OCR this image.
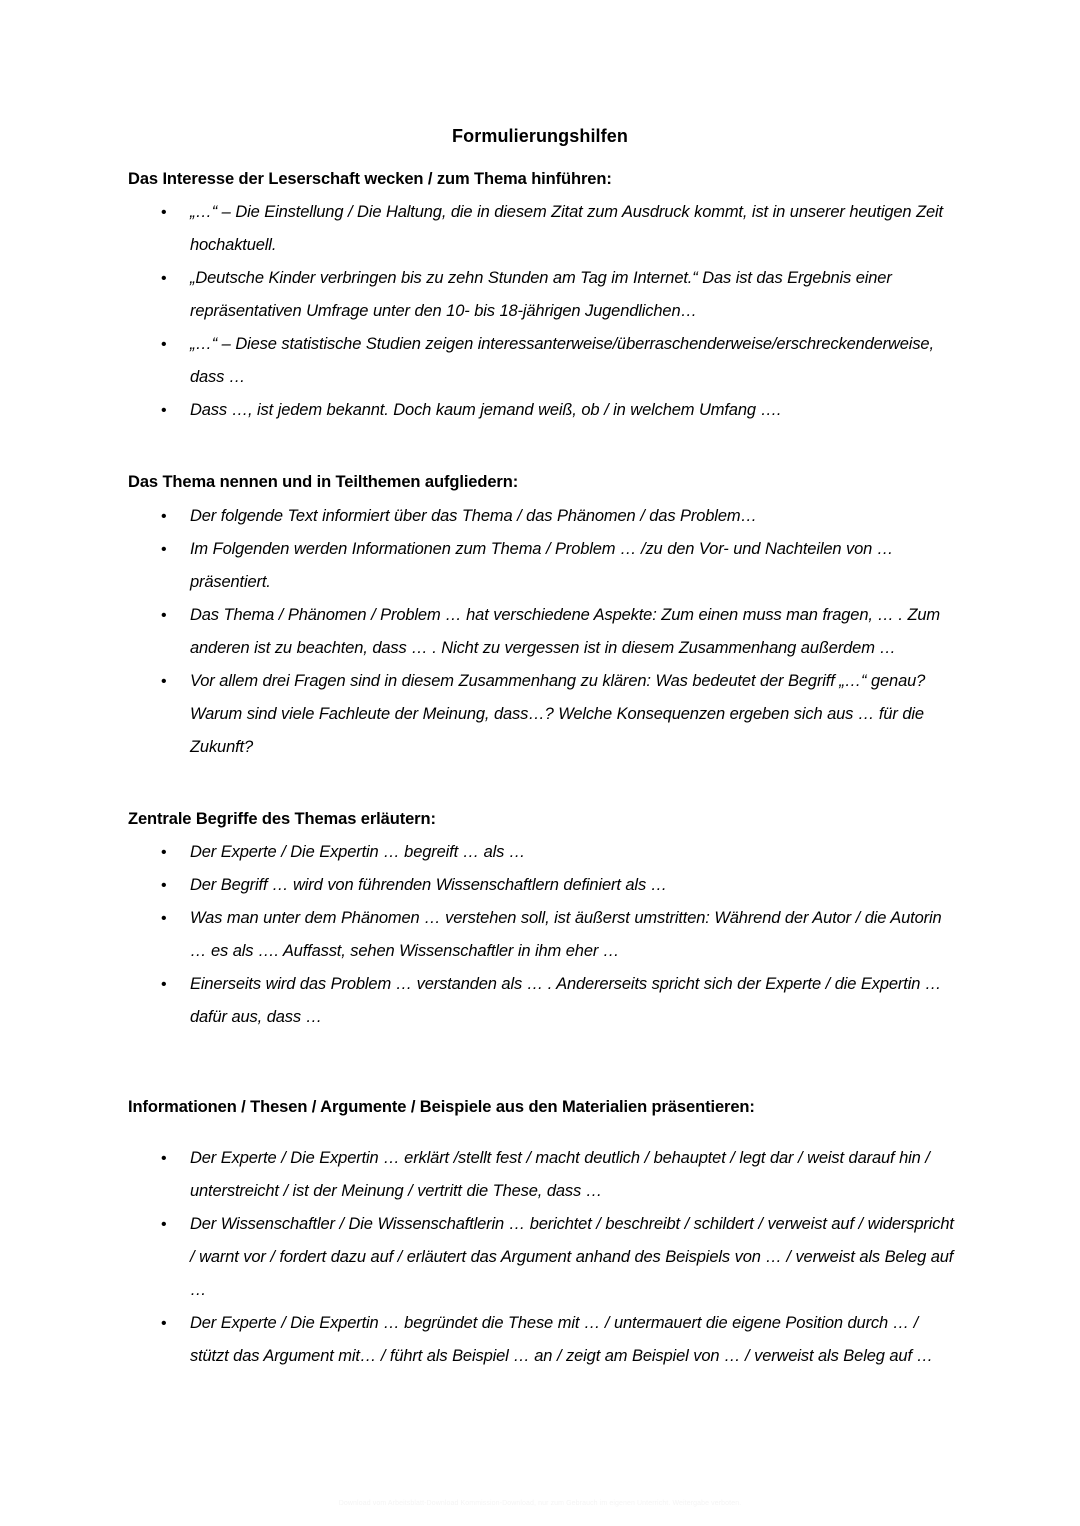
Formulierungshilfen
Das Interesse der Leserschaft wecken / zum Thema hinführen:
• „…“ – Die Einstellung / Die Haltung, die in diesem Zitat zum Ausdruck kommt, ist in unserer heutigen Zeit hochaktuell.
• „Deutsche Kinder verbringen bis zu zehn Stunden am Tag im Internet.“ Das ist das Ergebnis einer repräsentativen Umfrage unter den 10- bis 18-jährigen Jugendlichen…
• „…“ – Diese statistische Studien zeigen interessanterweise/überraschenderweise/erschreckenderweise, dass …
• Dass …, ist jedem bekannt. Doch kaum jemand weiß, ob / in welchem Umfang ….
Das Thema nennen und in Teilthemen aufgliedern:
• Der folgende Text informiert über das Thema / das Phänomen / das Problem…
• Im Folgenden werden Informationen zum Thema / Problem … /zu den Vor- und Nachteilen von … präsentiert.
• Das Thema / Phänomen / Problem … hat verschiedene Aspekte: Zum einen muss man fragen, … . Zum anderen ist zu beachten, dass … . Nicht zu vergessen ist in diesem Zusammenhang außerdem …
• Vor allem drei Fragen sind in diesem Zusammenhang zu klären: Was bedeutet der Begriff „…“ genau? Warum sind viele Fachleute der Meinung, dass…? Welche Konsequenzen ergeben sich aus … für die Zukunft?
Zentrale Begriffe des Themas erläutern:
• Der Experte / Die Expertin … begreift … als …
• Der Begriff … wird von führenden Wissenschaftlern definiert als …
• Was man unter dem Phänomen … verstehen soll, ist äußerst umstritten: Während der Autor / die Autorin … es als …. Auffasst, sehen Wissenschaftler in ihm eher …
• Einerseits wird das Problem … verstanden als … . Andererseits spricht sich der Experte / die Expertin … dafür aus, dass …
Informationen / Thesen / Argumente / Beispiele aus den Materialien präsentieren:
• Der Experte / Die Expertin … erklärt /stellt fest / macht deutlich / behauptet / legt dar / weist darauf hin / unterstreicht / ist der Meinung / vertritt die These, dass …
• Der Wissenschaftler / Die Wissenschaftlerin … berichtet / beschreibt / schildert / verweist auf / widerspricht / warnt vor / fordert dazu auf / erläutert das Argument anhand des Beispiels von … / verweist als Beleg auf …
• Der Experte / Die Expertin … begründet die These mit … / untermauert die eigene Position durch … / stützt das Argument mit… / führt als Beispiel … an / zeigt am Beispiel von … / verweist als Beleg auf …
Download vom Arbeitsblatt-Download Kommission-Download, nur zum Gebrauch im eigenen Unterricht. Weitergabe verboten.
